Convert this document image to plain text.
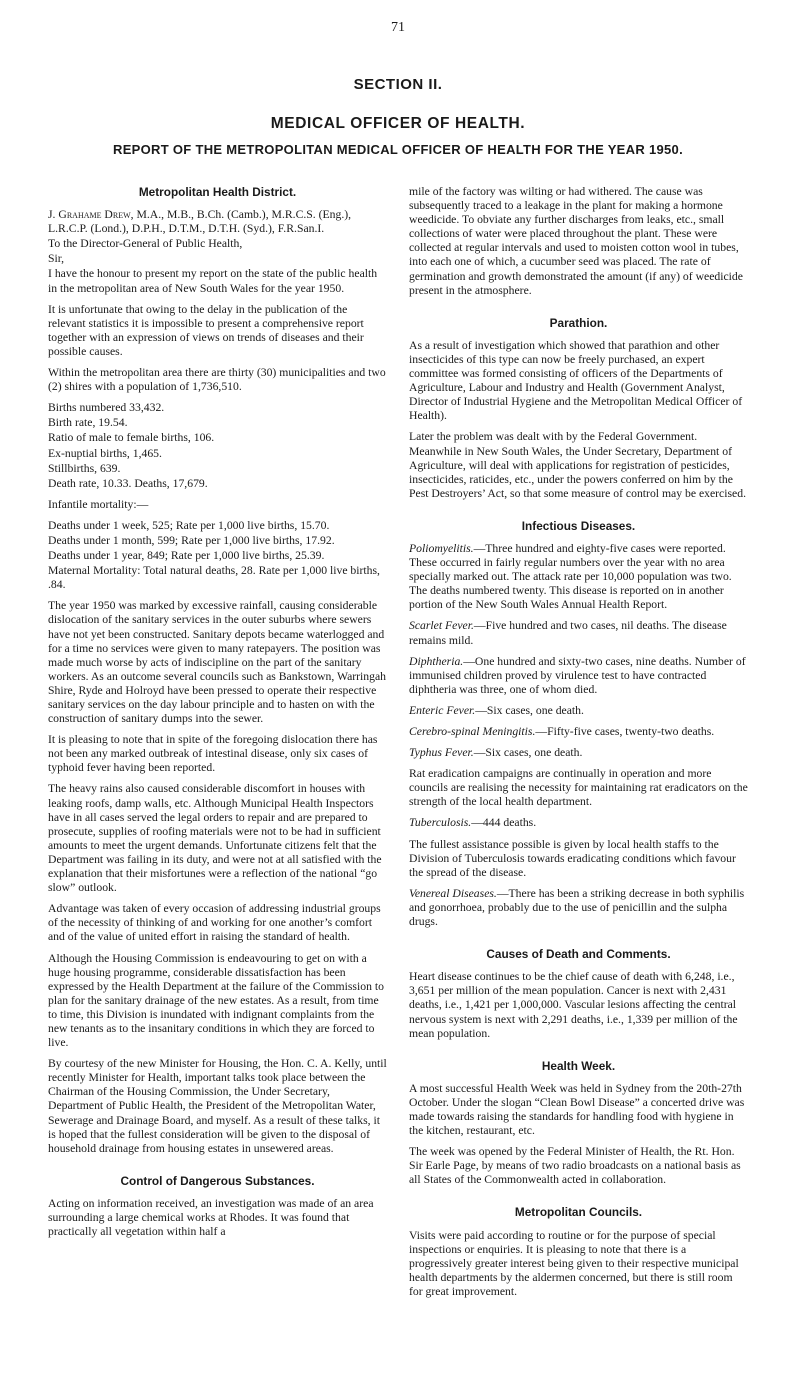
71
SECTION II.
MEDICAL OFFICER OF HEALTH.
REPORT OF THE METROPOLITAN MEDICAL OFFICER OF HEALTH FOR THE YEAR 1950.
Metropolitan Health District.

J. Grahame Drew, M.A., M.B., B.Ch. (Camb.), M.R.C.S. (Eng.), L.R.C.P. (Lond.), D.P.H., D.T.M., D.T.H. (Syd.), F.R.San.I.

To the Director-General of Public Health,

Sir,

I have the honour to present my report on the state of the public health in the metropolitan area of New South Wales for the year 1950.

It is unfortunate that owing to the delay in the publication of the relevant statistics it is impossible to present a comprehensive report together with an expression of views on trends of diseases and their possible causes.

Within the metropolitan area there are thirty (30) municipalities and two (2) shires with a population of 1,736,510.

Births numbered 33,432.

Birth rate, 19.54.

Ratio of male to female births, 106.

Ex-nuptial births, 1,465.

Stillbirths, 639.

Death rate, 10.33. Deaths, 17,679.

Infantile mortality:—

Deaths under 1 week, 525; Rate per 1,000 live births, 15.70.

Deaths under 1 month, 599; Rate per 1,000 live births, 17.92.

Deaths under 1 year, 849; Rate per 1,000 live births, 25.39.

Maternal Mortality: Total natural deaths, 28. Rate per 1,000 live births, .84.

The year 1950 was marked by excessive rainfall, causing considerable dislocation of the sanitary services in the outer suburbs where sewers have not yet been constructed. Sanitary depots became waterlogged and for a time no services were given to many ratepayers. The position was made much worse by acts of indiscipline on the part of the sanitary workers. As an outcome several councils such as Bankstown, Warringah Shire, Ryde and Holroyd have been pressed to operate their respective sanitary services on the day labour principle and to hasten on with the construction of sanitary dumps into the sewer.

It is pleasing to note that in spite of the foregoing dislocation there has not been any marked outbreak of intestinal disease, only six cases of typhoid fever having been reported.

The heavy rains also caused considerable discomfort in houses with leaking roofs, damp walls, etc. Although Municipal Health Inspectors have in all cases served the legal orders to repair and are prepared to prosecute, supplies of roofing materials were not to be had in sufficient amounts to meet the urgent demands. Unfortunate citizens felt that the Department was failing in its duty, and were not at all satisfied with the explanation that their misfortunes were a reflection of the national “go slow” outlook.

Advantage was taken of every occasion of addressing industrial groups of the necessity of thinking of and working for one another’s comfort and of the value of united effort in raising the standard of health.

Although the Housing Commission is endeavouring to get on with a huge housing programme, considerable dissatisfaction has been expressed by the Health Department at the failure of the Commission to plan for the sanitary drainage of the new estates. As a result, from time to time, this Division is inundated with indignant complaints from the new tenants as to the insanitary conditions in which they are forced to live.

By courtesy of the new Minister for Housing, the Hon. C. A. Kelly, until recently Minister for Health, important talks took place between the Chairman of the Housing Commission, the Under Secretary, Department of Public Health, the President of the Metropolitan Water, Sewerage and Drainage Board, and myself. As a result of these talks, it is hoped that the fullest consideration will be given to the disposal of household drainage from housing estates in unsewered areas.

Control of Dangerous Substances.

Acting on information received, an investigation was made of an area surrounding a large chemical works at Rhodes. It was found that practically all vegetation within half a

mile of the factory was wilting or had withered. The cause was subsequently traced to a leakage in the plant for making a hormone weedicide. To obviate any further discharges from leaks, etc., small collections of water were placed throughout the plant. These were collected at regular intervals and used to moisten cotton wool in tubes, into each one of which, a cucumber seed was placed. The rate of germination and growth demonstrated the amount (if any) of weedicide present in the atmosphere.

Parathion.

As a result of investigation which showed that parathion and other insecticides of this type can now be freely purchased, an expert committee was formed consisting of officers of the Departments of Agriculture, Labour and Industry and Health (Government Analyst, Director of Industrial Hygiene and the Metropolitan Medical Officer of Health).

Later the problem was dealt with by the Federal Government. Meanwhile in New South Wales, the Under Secretary, Department of Agriculture, will deal with applications for registration of pesticides, insecticides, raticides, etc., under the powers conferred on him by the Pest Destroyers’ Act, so that some measure of control may be exercised.

Infectious Diseases.

Poliomyelitis.—Three hundred and eighty-five cases were reported. These occurred in fairly regular numbers over the year with no area specially marked out. The attack rate per 10,000 population was two. The deaths numbered twenty. This disease is reported on in another portion of the New South Wales Annual Health Report.

Scarlet Fever.—Five hundred and two cases, nil deaths. The disease remains mild.

Diphtheria.—One hundred and sixty-two cases, nine deaths. Number of immunised children proved by virulence test to have contracted diphtheria was three, one of whom died.

Enteric Fever.—Six cases, one death.

Cerebro-spinal Meningitis.—Fifty-five cases, twenty-two deaths.

Typhus Fever.—Six cases, one death.

Rat eradication campaigns are continually in operation and more councils are realising the necessity for maintaining rat eradicators on the strength of the local health department.

Tuberculosis.—444 deaths.

The fullest assistance possible is given by local health staffs to the Division of Tuberculosis towards eradicating conditions which favour the spread of the disease.

Venereal Diseases.—There has been a striking decrease in both syphilis and gonorrhoea, probably due to the use of penicillin and the sulpha drugs.

Causes of Death and Comments.

Heart disease continues to be the chief cause of death with 6,248, i.e., 3,651 per million of the mean population. Cancer is next with 2,431 deaths, i.e., 1,421 per 1,000,000. Vascular lesions affecting the central nervous system is next with 2,291 deaths, i.e., 1,339 per million of the mean population.

Health Week.

A most successful Health Week was held in Sydney from the 20th-27th October. Under the slogan “Clean Bowl Disease” a concerted drive was made towards raising the standards for handling food with hygiene in the kitchen, restaurant, etc.

The week was opened by the Federal Minister of Health, the Rt. Hon. Sir Earle Page, by means of two radio broadcasts on a national basis as all States of the Commonwealth acted in collaboration.

Metropolitan Councils.

Visits were paid according to routine or for the purpose of special inspections or enquiries. It is pleasing to note that there is a progressively greater interest being given to their respective municipal health departments by the aldermen concerned, but there is still room for great improvement.
